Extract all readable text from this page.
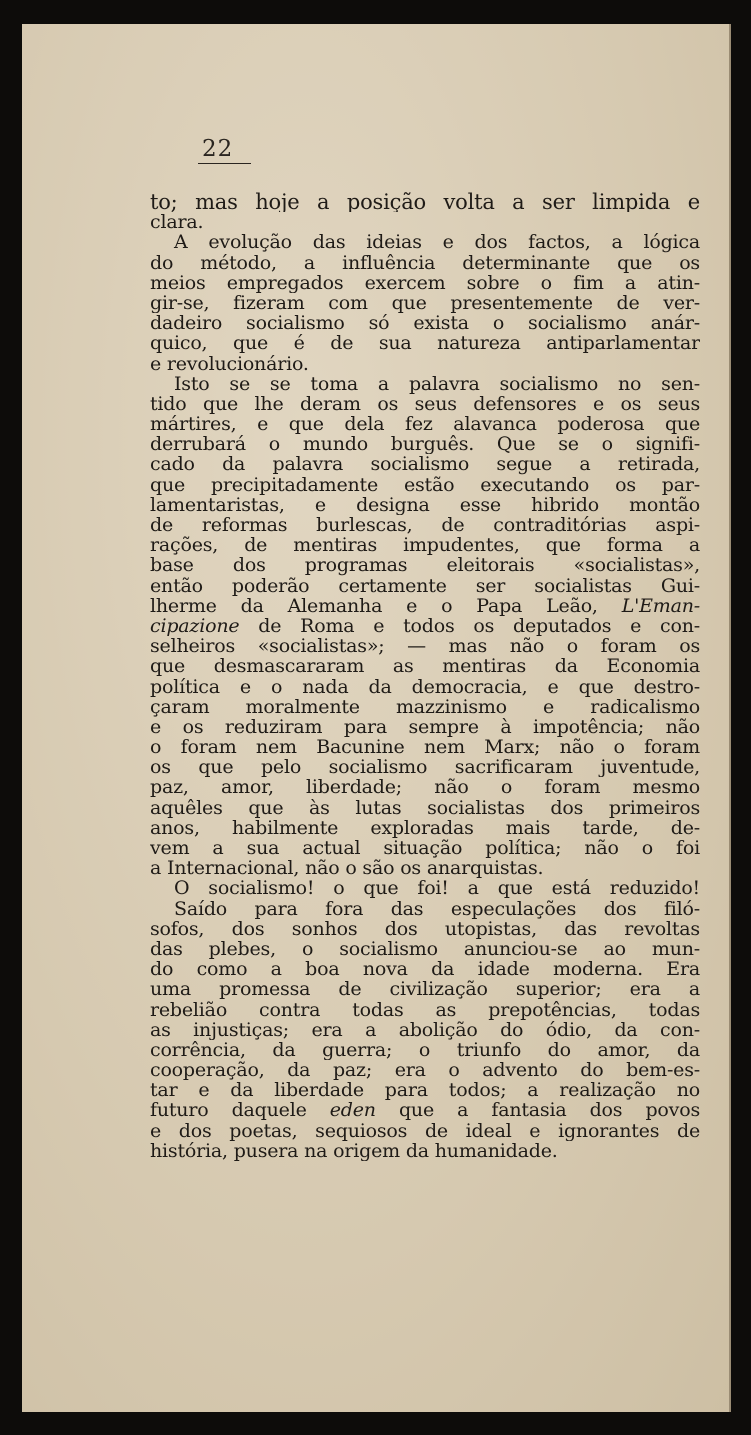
22
to; mas hoje a posição volta a ser limpida e
clara.
A evolução das ideias e dos factos, a lógica
do método, a influência determinante que os
meios empregados exercem sobre o fim a atin-
gir-se, fizeram com que presentemente de ver-
dadeiro socialismo só exista o socialismo anár-
quico, que é de sua natureza antiparlamentar
e revolucionário.
Isto se se toma a palavra socialismo no sen-
tido que lhe deram os seus defensores e os seus
mártires, e que dela fez alavanca poderosa que
derrubará o mundo burguês. Que se o signifi-
cado da palavra socialismo segue a retirada,
que precipitadamente estão executando os par-
lamentaristas, e designa esse hibrido montão
de reformas burlescas, de contraditórias aspi-
rações, de mentiras impudentes, que forma a
base dos programas eleitorais «socialistas»,
então poderão certamente ser socialistas Gui-
lherme da Alemanha e o Papa Leão, L'Eman-
cipazione de Roma e todos os deputados e con-
selheiros «socialistas»; — mas não o foram os
que desmascararam as mentiras da Economia
política e o nada da democracia, e que destro-
çaram moralmente mazzinismo e radicalismo
e os reduziram para sempre à impotência; não
o foram nem Bacunine nem Marx; não o foram
os que pelo socialismo sacrificaram juventude,
paz, amor, liberdade; não o foram mesmo
aquêles que às lutas socialistas dos primeiros
anos, habilmente exploradas mais tarde, de-
vem a sua actual situação política; não o foi
a Internacional, não o são os anarquistas.
O socialismo! o que foi! a que está reduzido!
Saído para fora das especulações dos filó-
sofos, dos sonhos dos utopistas, das revoltas
das plebes, o socialismo anunciou-se ao mun-
do como a boa nova da idade moderna. Era
uma promessa de civilização superior; era a
rebelião contra todas as prepotências, todas
as injustiças; era a abolição do ódio, da con-
corrência, da guerra; o triunfo do amor, da
cooperação, da paz; era o advento do bem-es-
tar e da liberdade para todos; a realização no
futuro daquele eden que a fantasia dos povos
e dos poetas, sequiosos de ideal e ignorantes de
história, pusera na origem da humanidade.
